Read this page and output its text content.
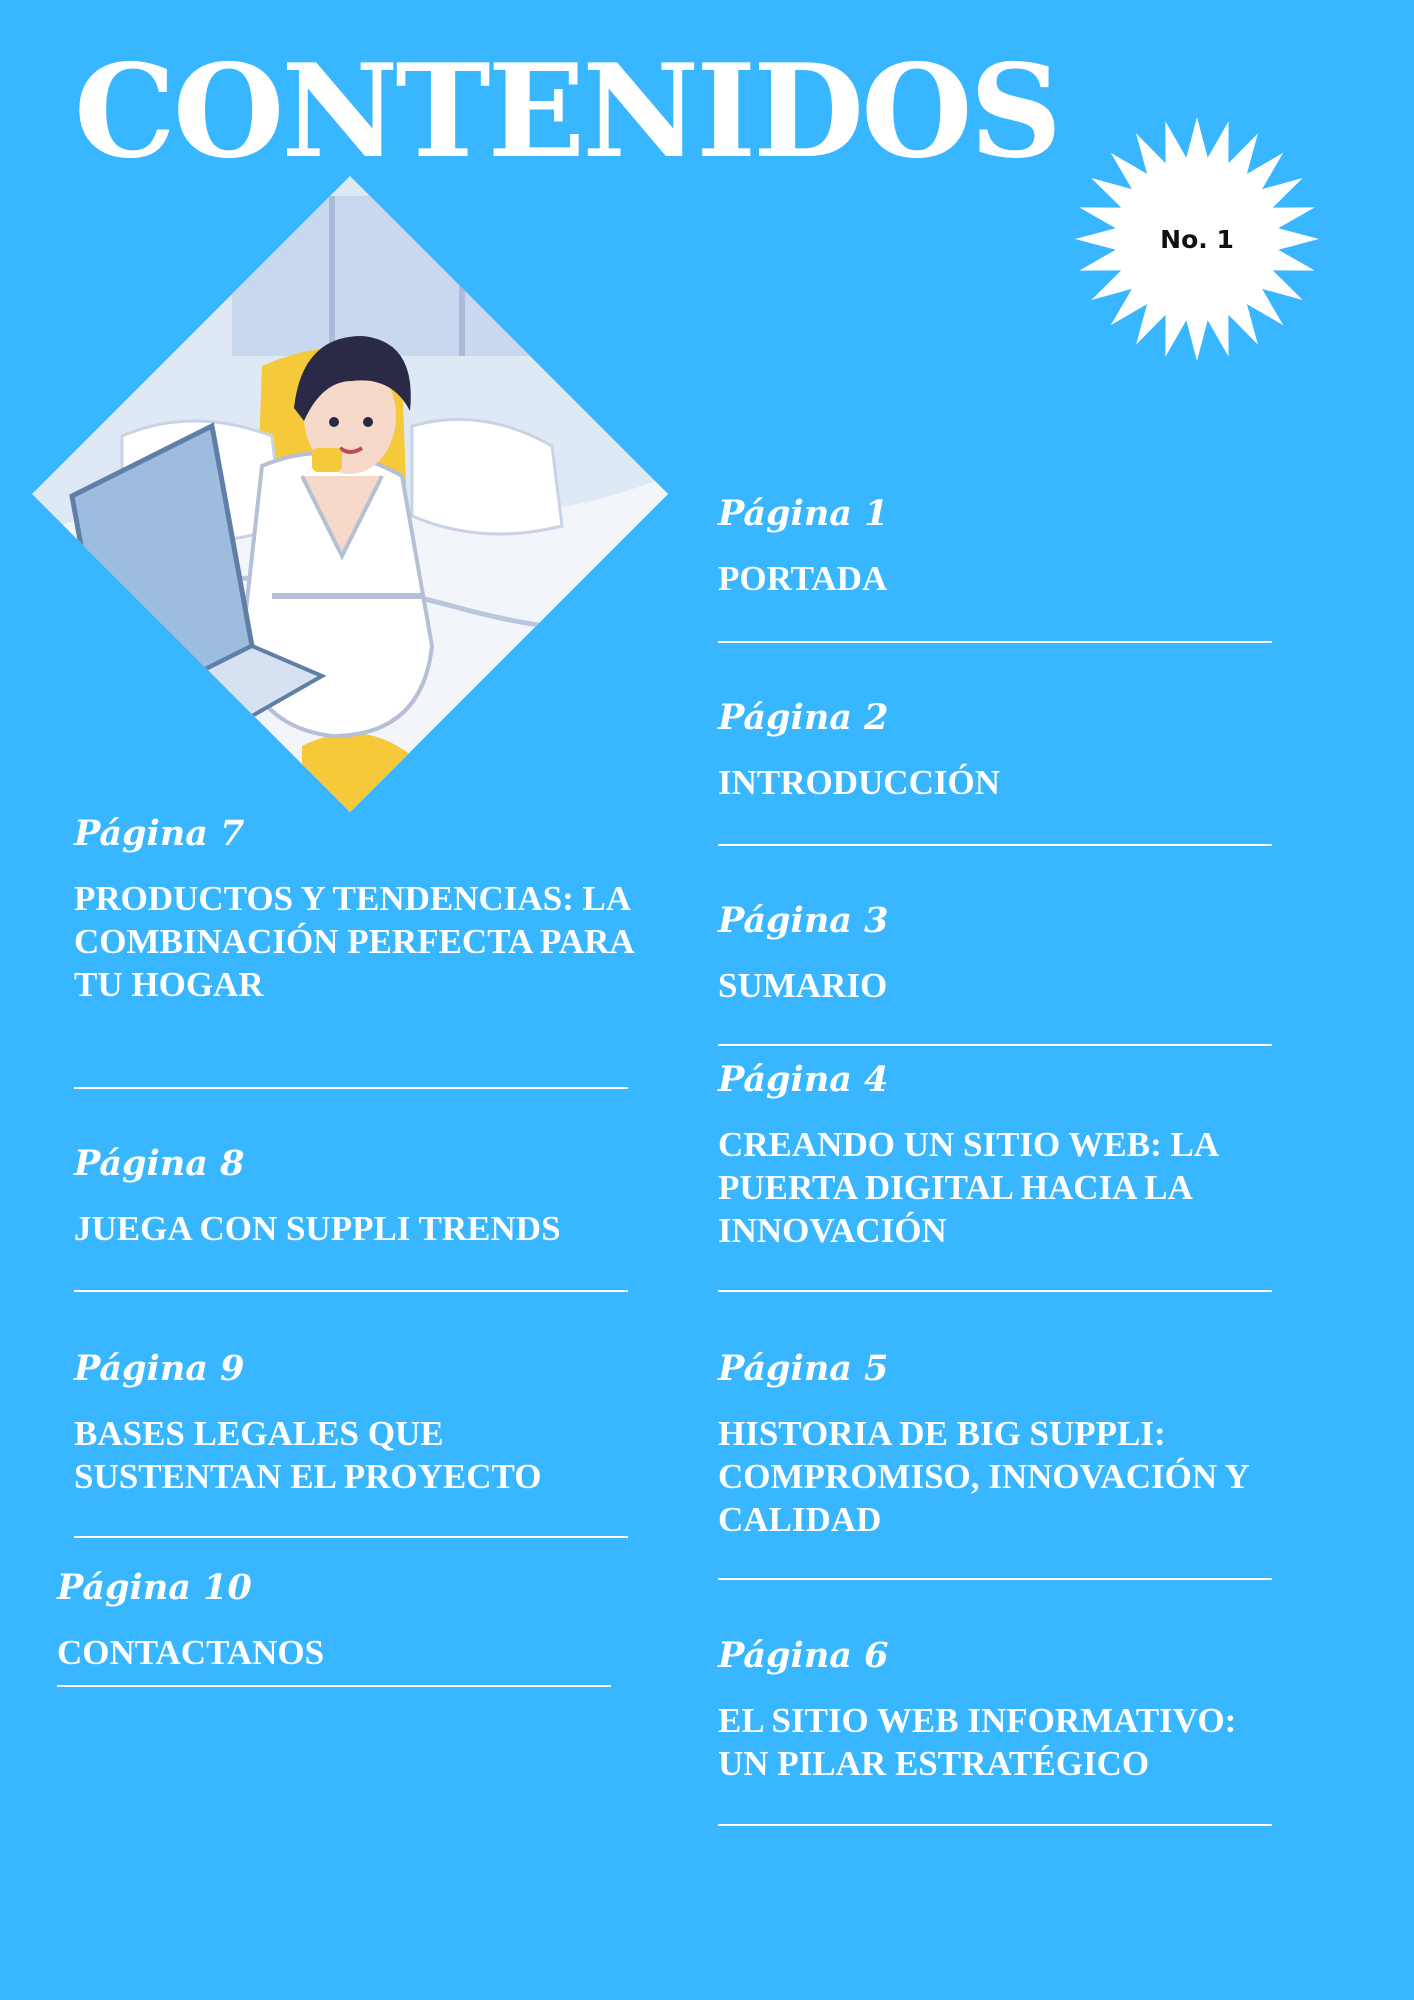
CONTENIDOS
No. 1

Página 1

PORTADA

Página 2

INTRODUCCIÓN

Página 3

SUMARIO

Página 4

CREANDO UN SITIO WEB: LA PUERTA DIGITAL HACIA LA INNOVACIÓN

Página 5

HISTORIA DE BIG SUPPLI: COMPROMISO, INNOVACIÓN Y CALIDAD

Página 6

EL SITIO WEB INFORMATIVO: UN PILAR ESTRATÉGICO

Página 7

PRODUCTOS Y TENDENCIAS: LA COMBINACIÓN PERFECTA PARA TU HOGAR

Página 8

JUEGA CON SUPPLI TRENDS

Página 9

BASES LEGALES QUE SUSTENTAN EL PROYECTO

Página 10

CONTACTANOS
